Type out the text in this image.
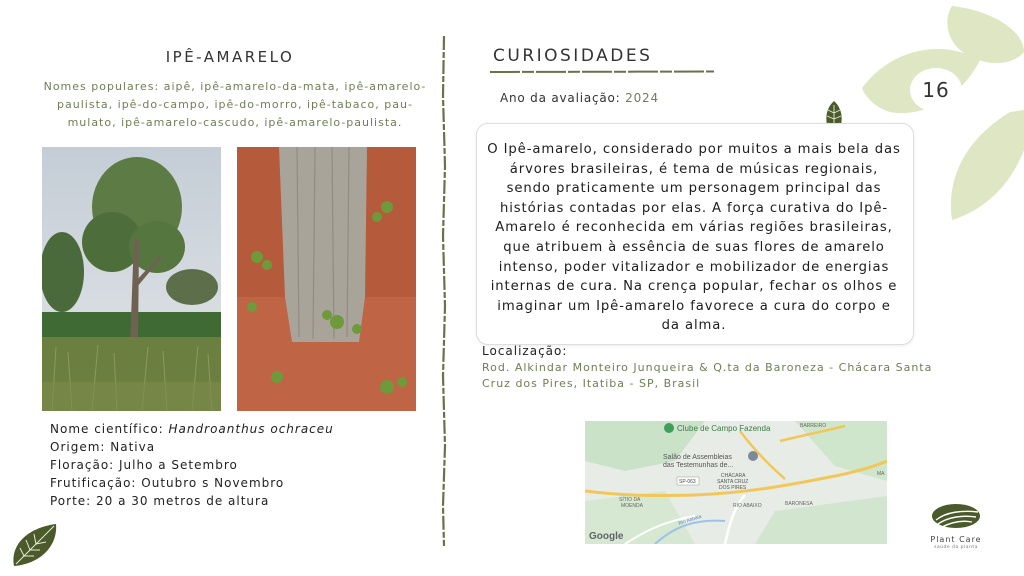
16
IPÊ-AMARELO
Nomes populares: aipê, ipê-amarelo-da-mata, ipê-amarelo-paulista, ipê-do-campo, ipê-do-morro, ipê-tabaco, pau-mulato, ipê-amarelo-cascudo, ipê-amarelo-paulista.
Nome científico: Handroanthus ochraceu
Origem: Nativa
Floração: Julho a Setembro
Frutificação: Outubro s Novembro
Porte: 20 a 30 metros de altura
CURIOSIDADES
Ano da avaliação: 2024
O Ipê-amarelo, considerado por muitos a mais bela das árvores brasileiras, é tema de músicas regionais, sendo praticamente um personagem principal das histórias contadas por elas. A força curativa do Ipê-Amarelo é reconhecida em várias regiões brasileiras, que atribuem à essência de suas flores de amarelo intenso, poder vitalizador e mobilizador de energias internas de cura. Na crença popular, fechar os olhos e imaginar um Ipê-amarelo favorece a cura do corpo e da alma.
Localização:
Rod. Alkindar Monteiro Junqueira & Q.ta da Baroneza - Chácara Santa Cruz dos Pires, Itatiba - SP, Brasil
Clube de Campo Fazenda
Salão de Assembleias
das Testemunhas de...
BARREIRO
SP-063
CHÁCARA
SANTA CRUZ
DOS PIRES
SÍTIO DA
MOENDA	BARONESA
RIO ABAIXO
Rio Atibaia
MA
Google	Plant Care
saúde da planta
